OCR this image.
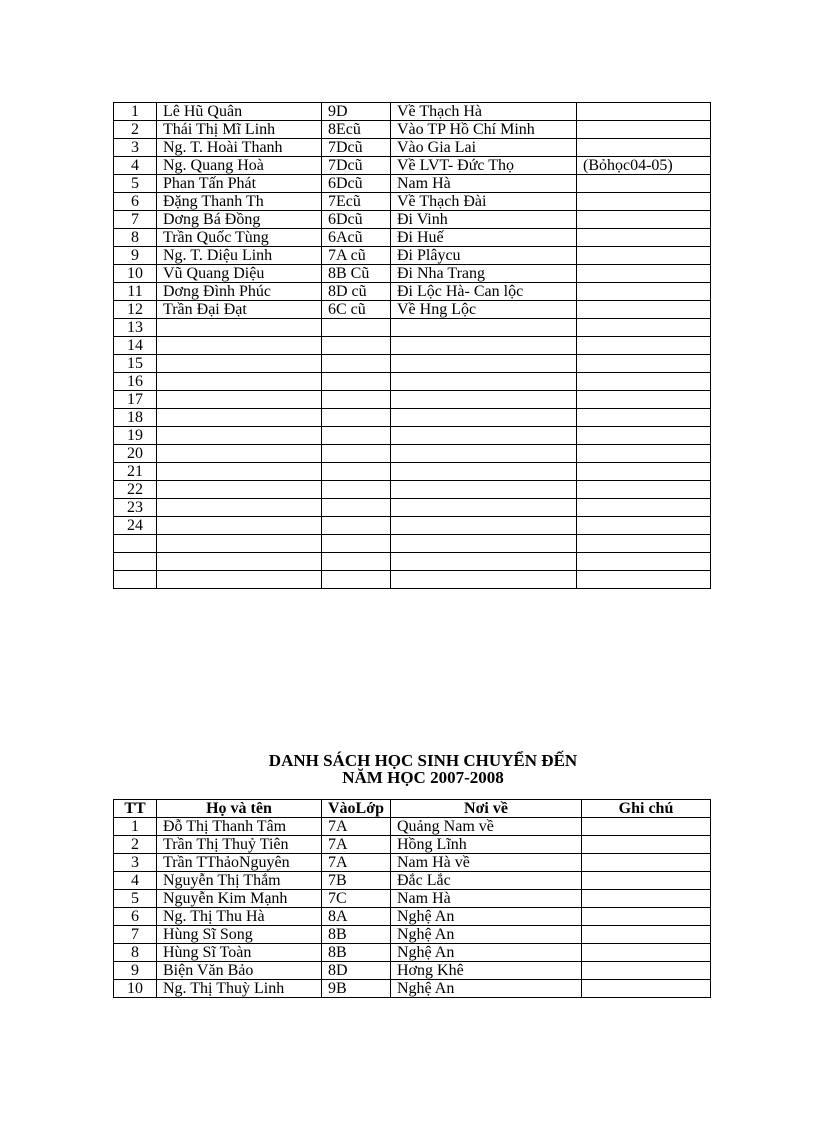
1	Lê Hũ Quân	9D	Về Thạch Hà	
2	Thái Thị Mĩ Linh	8Ecũ	Vào TP Hồ Chí Minh	
3	Ng. T. Hoài Thanh	7Dcũ	Vào Gia Lai	
4	Ng. Quang Hoà	7Dcũ	Về LVT- Đức Thọ	(Bỏhọc04-05)
5	Phan Tấn Phát	6Dcũ	Nam Hà	
6	Đặng Thanh Th	7Ecũ	Về Thạch Đài	
7	Dơng Bá Đồng	6Dcũ	Đi Vinh	
8	Trần Quốc Tùng	6Acũ	Đi Huế	
9	Ng. T. Diệu Linh	7A cũ	Đi Plâycu	
10	Vũ Quang Diệu	8B Cũ	Đi Nha Trang	
11	Dơng Đình Phúc	8D cũ	Đi Lộc Hà- Can lộc	
12	Trần Đại Đạt	6C cũ	Về Hng Lộc	
13				
14				
15				
16				
17				
18				
19				
20				
21				
22				
23				
24				

DANH SÁCH HỌC SINH CHUYỂN ĐẾN
NĂM HỌC 2007-2008
TT	Họ và tên	VàoLớp	Nơi về	Ghi chú
1	Đỗ Thị Thanh Tâm	7A	Quảng Nam về	
2	Trần Thị Thuỷ Tiên	7A	Hồng Lĩnh	
3	Trần TThảoNguyên	7A	Nam Hà về	
4	Nguyễn Thị Thắm	7B	Đắc Lắc	
5	Nguyễn Kim Mạnh	7C	Nam Hà	
6	Ng. Thị Thu Hà	8A	Nghệ An	
7	Hùng Sĩ Song	8B	Nghệ An	
8	Hùng Sĩ Toàn	8B	Nghệ An	
9	Biện Văn Bảo	8D	Hơng Khê	
10	Ng. Thị Thuỳ Linh	9B	Nghệ An	
